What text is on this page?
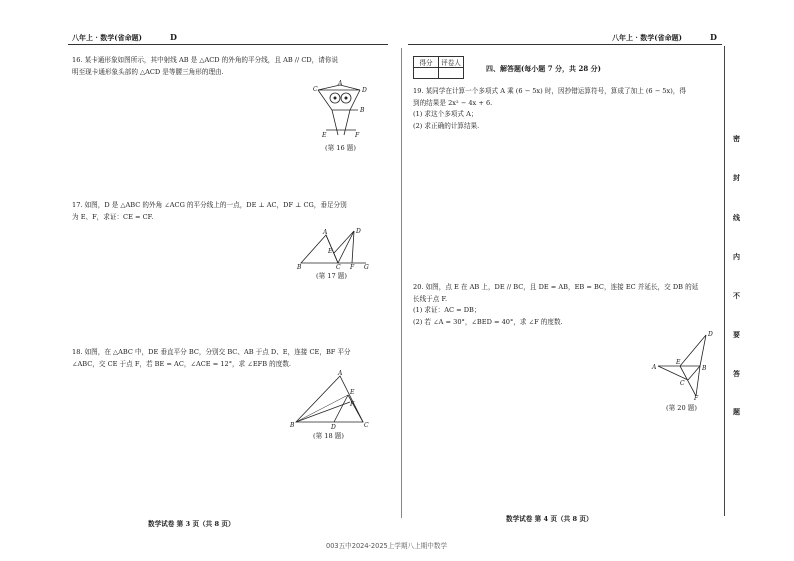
八年上 · 数学(省命题)	D
16. 某卡通形象如图所示，其中射线 AB 是 △ACD 的外角的平分线，且 AB // CD，请你说
明至现卡通形象头部的 △ACD 是等腰三角形的理由.
C
A
D
B
E	F
(第 16 题)
17. 如图，D 是 △ABC 的外角 ∠ACG 的平分线上的一点，DE ⊥ AC，DF ⊥ CG，垂足分别
为 E、F，求证：CE = CF.
A	D
E
B	C F G
(第 17 题)
18. 如图，在 △ABC 中，DE 垂直平分 BC，分别交 BC、AB 于点 D、E，连接 CE，BF 平分
∠ABC，交 CE 于点 F，若 BE = AC，∠ACE = 12°，求 ∠EFB 的度数.
A
E
F
B	D	C
(第 18 题)
数学试卷 第 3 页（共 8 页）
八年上 · 数学(省命题)	D
得分	评卷人

四、解答题(每小题 7 分，共 28 分)
19. 某同学在计算一个多项式 A 乘 (6 − 5x) 时，因抄错运算符号，算成了加上 (6 − 5x)，得
到的结果是 2x² − 4x + 6.
(1) 求这个多项式 A；
(2) 求正确的计算结果.
20. 如图，点 E 在 AB 上，DE // BC，且 DE = AB，EB = BC，连接 EC 并延长，交 DB 的延
长线于点 F.
(1) 求证：AC = DB；
(2) 若 ∠A = 30°，∠BED = 40°，求 ∠F 的度数.
D
A
E
B
C
F
(第 20 题)
数学试卷 第 4 页（共 8 页）
密
封
线
内
不
要
答
题
003五中2024-2025上学期八上期中数学
